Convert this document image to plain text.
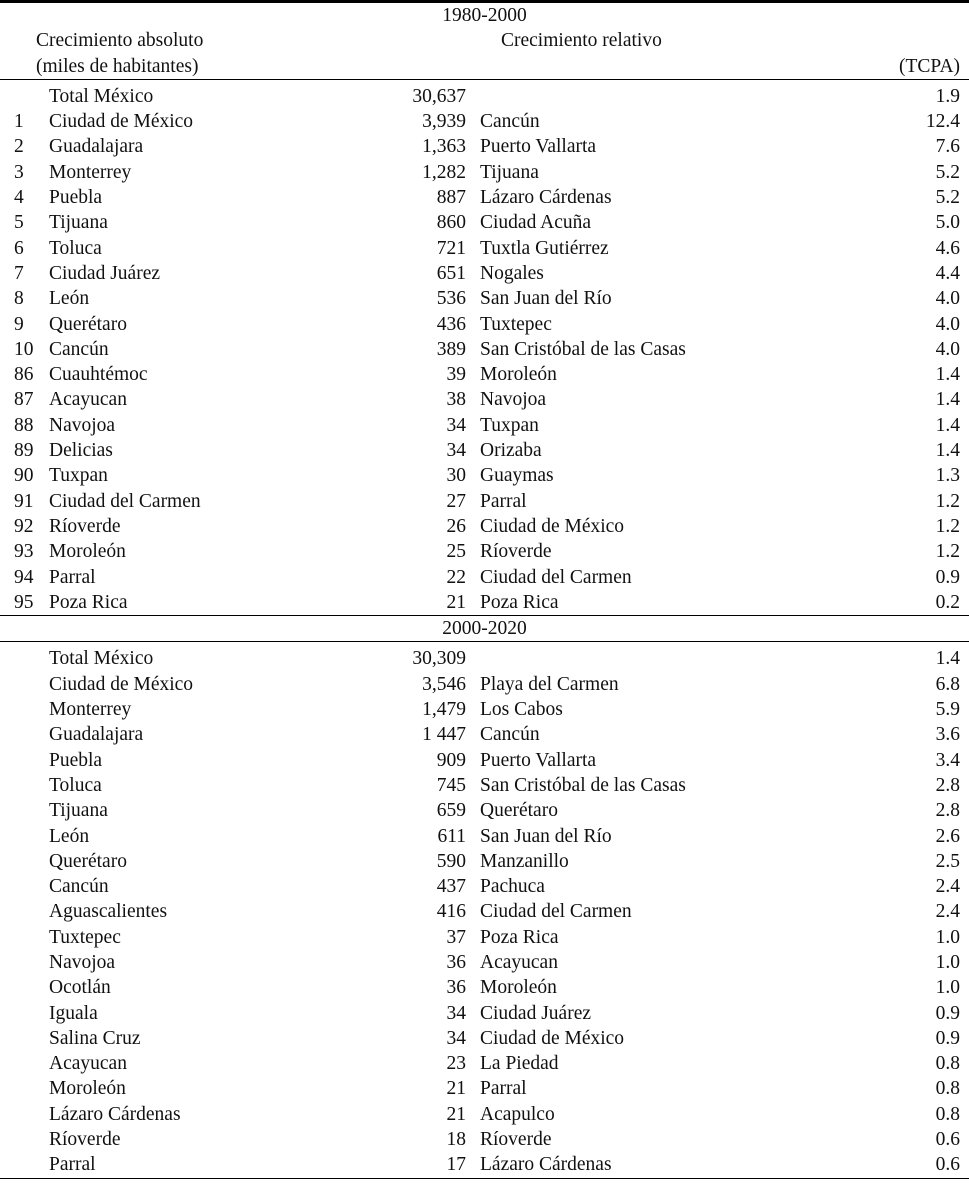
1980-2000				
Crecimiento absoluto		Crecimiento relativo		
(miles de habitantes)				(TCPA)
	Total México	30,637		1.9
1	Ciudad de México	3,939	Cancún	12.4
2	Guadalajara	1,363	Puerto Vallarta	7.6
3	Monterrey	1,282	Tijuana	5.2
4	Puebla	887	Lázaro Cárdenas	5.2
5	Tijuana	860	Ciudad Acuña	5.0
6	Toluca	721	Tuxtla Gutiérrez	4.6
7	Ciudad Juárez	651	Nogales	4.4
8	León	536	San Juan del Río	4.0
9	Querétaro	436	Tuxtepec	4.0
10	Cancún	389	San Cristóbal de las Casas	4.0
86	Cuauhtémoc	39	Moroleón	1.4
87	Acayucan	38	Navojoa	1.4
88	Navojoa	34	Tuxpan	1.4
89	Delicias	34	Orizaba	1.4
90	Tuxpan	30	Guaymas	1.3
91	Ciudad del Carmen	27	Parral	1.2
92	Ríoverde	26	Ciudad de México	1.2
93	Moroleón	25	Ríoverde	1.2
94	Parral	22	Ciudad del Carmen	0.9
95	Poza Rica	21	Poza Rica	0.2
2000-2020				
	Total México	30,309		1.4
	Ciudad de México	3,546	Playa del Carmen	6.8
	Monterrey	1,479	Los Cabos	5.9
	Guadalajara	1 447	Cancún	3.6
	Puebla	909	Puerto Vallarta	3.4
	Toluca	745	San Cristóbal de las Casas	2.8
	Tijuana	659	Querétaro	2.8
	León	611	San Juan del Río	2.6
	Querétaro	590	Manzanillo	2.5
	Cancún	437	Pachuca	2.4
	Aguascalientes	416	Ciudad del Carmen	2.4
	Tuxtepec	37	Poza Rica	1.0
	Navojoa	36	Acayucan	1.0
	Ocotlán	36	Moroleón	1.0
	Iguala	34	Ciudad Juárez	0.9
	Salina Cruz	34	Ciudad de México	0.9
	Acayucan	23	La Piedad	0.8
	Moroleón	21	Parral	0.8
	Lázaro Cárdenas	21	Acapulco	0.8
	Ríoverde	18	Ríoverde	0.6
	Parral	17	Lázaro Cárdenas	0.6
